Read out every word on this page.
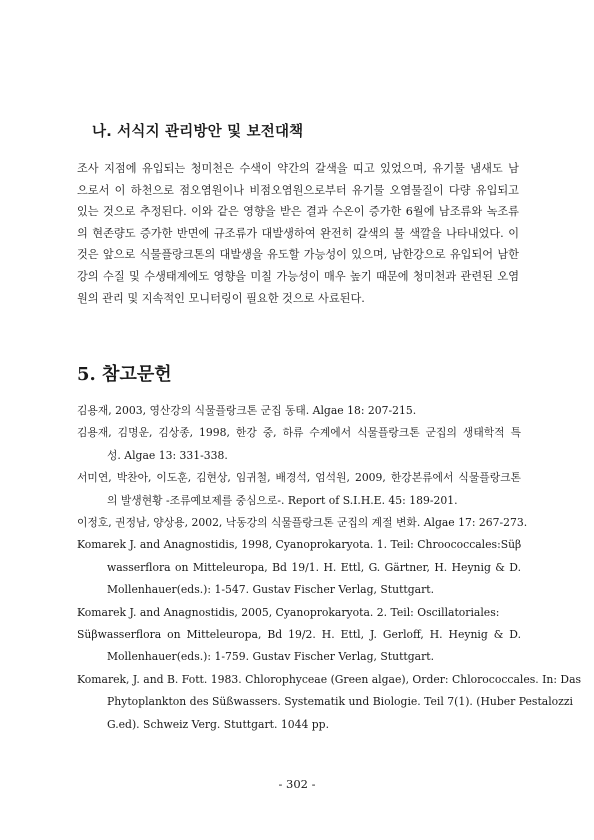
나. 서식지 관리방안 및 보전대책
조사 지점에 유입되는 청미천은 수색이 약간의 갈색을 띠고 있었으며, 유기물 냄새도 남
으로서 이 하천으로 점오염원이나 비점오염원으로부터 유기물 오염물질이 다량 유입되고
있는 것으로 추정된다. 이와 같은 영향을 받은 결과 수온이 증가한 6월에 남조류와 녹조류
의 현존량도 증가한 반면에 규조류가 대발생하여 완전히 갈색의 물 색깔을 나타내었다. 이
것은 앞으로 식물플랑크톤의 대발생을 유도할 가능성이 있으며, 남한강으로 유입되어 남한
강의 수질 및 수생태계에도 영향을 미칠 가능성이 매우 높기 때문에 청미천과 관련된 오염
원의 관리 및 지속적인 모니터링이 필요한 것으로 사료된다.
5. 참고문헌
김용재, 2003, 영산강의 식물플랑크톤 군집 동태. Algae 18: 207-215.
김용재, 김명운, 김상종, 1998, 한강 중, 하류 수계에서 식물플랑크톤 군집의 생태학적 특
성. Algae 13: 331-338.
서미연, 박찬아, 이도훈, 김현상, 임귀철, 배경석, 엄석원, 2009, 한강본류에서 식물플랑크톤
의 발생현황 -조류예보제를 중심으로-. Report of S.I.H.E. 45: 189-201.
이정호, 권정남, 양상용, 2002, 낙동강의 식물플랑크톤 군집의 계절 변화. Algae 17: 267-273.
Komarek J. and Anagnostidis, 1998, Cyanoprokaryota. 1. Teil: Chroococcales:Süβ
wasserflora on Mitteleuropa, Bd 19/1. H. Ettl, G. Gärtner, H. Heynig & D.
Mollenhauer(eds.): 1-547. Gustav Fischer Verlag, Stuttgart.
Komarek J. and Anagnostidis, 2005, Cyanoprokaryota. 2. Teil: Oscillatoriales:
Süβwasserflora on Mitteleuropa, Bd 19/2. H. Ettl, J. Gerloff, H. Heynig & D.
Mollenhauer(eds.): 1-759. Gustav Fischer Verlag, Stuttgart.
Komarek, J. and B. Fott. 1983. Chlorophyceae (Green algae), Order: Chlorococcales. In: Das
Phytoplankton des Süßwassers. Systematik und Biologie. Teil 7(1). (Huber Pestalozzi
G.ed). Schweiz Verg. Stuttgart. 1044 pp.
- 302 -
